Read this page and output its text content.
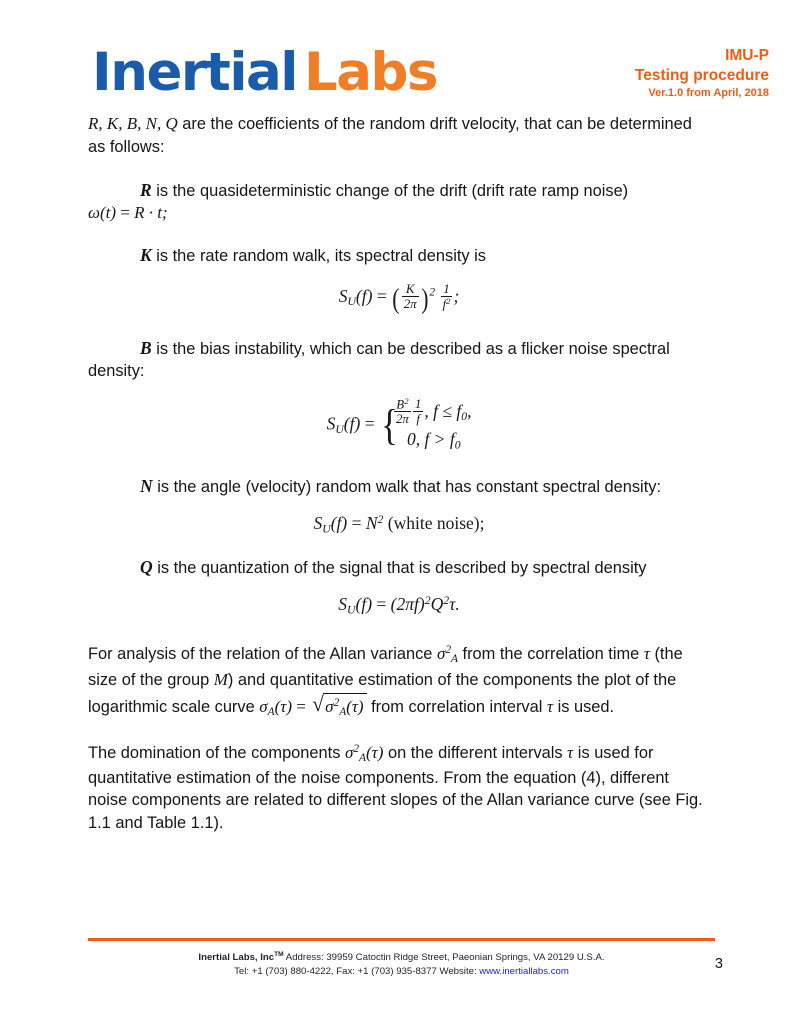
Inertial Labs	IMU-P
Testing procedure
Ver.1.0 from April, 2018

R, K, B, N, Q are the coefficients of the random drift velocity, that can be determined as follows:

R is the quasideterministic change of the drift (drift rate ramp noise)

ω(t) = R · t;

K is the rate random walk, its spectral density is

$S_U(f)$ = ( $\frac{K}{2\pi} )^2 \frac{1}{f^2}$ ;

B is the bias instability, which can be described as a flicker noise spectral density:

$S_U(f)$ = {
$\frac{B^2}{2\pi} \frac{1}{f}$ , $f \le f_0$,
0, $f > f_0$

N is the angle (velocity) random walk that has constant spectral density:

$S_U(f) = N^2$ (white noise);

Q is the quantization of the signal that is described by spectral density

$S_U(f) = (2\pi f)^2Q^2\tau$.

For analysis of the relation of the Allan variance $\sigma^2_A$ from the correlation time τ (the size of the group M) and quantitative estimation of the components the plot of the logarithmic scale curve $\sigma_A(\tau)$ = √ $\sigma^2_A(\tau)$ from correlation interval τ is used.

The domination of the components $\sigma^2_A(\tau)$ on the different intervals τ is used for quantitative estimation of the noise components. From the equation (4), different noise components are related to different slopes of the Allan variance curve (see Fig. 1.1 and Table 1.1).

Inertial Labs, Inc™ Address: 39959 Catoctin Ridge Street, Paeonian Springs, VA 20129 U.S.A.
Tel: +1 (703) 880-4222, Fax: +1 (703) 935-8377 Website: www.inertiallabs.com
3
